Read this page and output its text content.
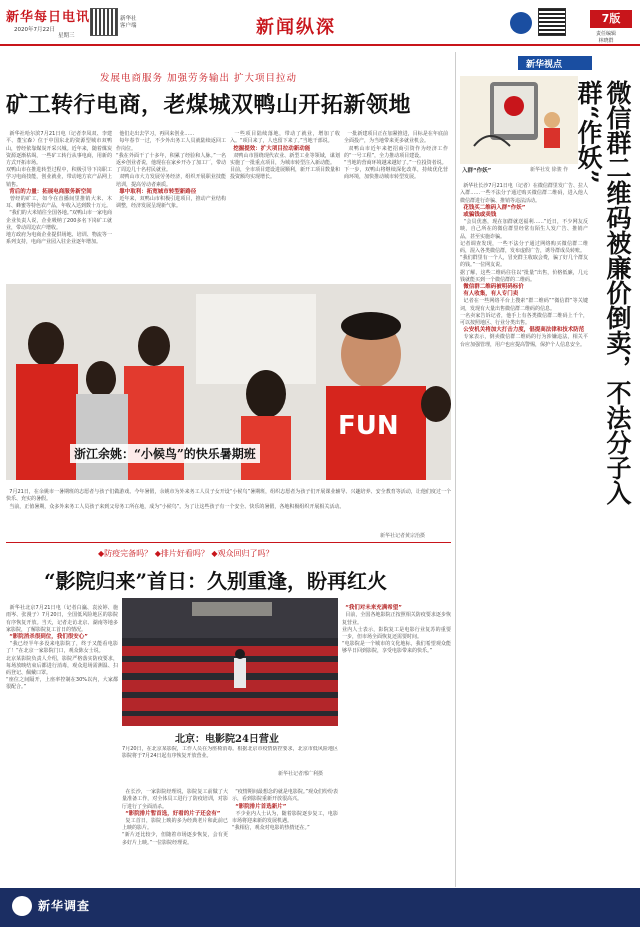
新华每日电讯
2020年7月22日
星期三
新华社
客户端	新闻纵深	7版
责任编辑
林晓群
发展电商服务 加强劳务输出 扩大项目拉动
矿工转行电商，老煤城双鸭山开拓新领地

新华社哈尔滨7月21日电（记者李凤双、李建平、董宝森）位于中国东北的资源型城市双鸭山，曾经依靠煤炭开采兴城。近年来，随着煤炭资源逐渐枯竭，一些矿工转行从事电商，用新的方式开拓市场。
双鸭山市在推进转型过程中，积极引导下岗职工学习电商技能，创业就业，带动地方农产品网上销售。
背后的力量：拓展电商服务新空间
曾经的矿工，如今在直播间里推销大米、木耳、蜂蜜等特色农产品，年收入达到数十万元。
“我们的大米销往全国各地。”双鸭山市一家电商企业负责人说，企业吸纳了200多名下岗矿工就业，带动周边农户增收。
地方政府为电商企业提供场地、培训、物流等一系列支持，电商产业园入驻企业逐年增加。

他们走出去学习，再回来创业……
每年春节一过，不少外出务工人员就陆续返回工作岗位。
“我在外面干了十多年，积累了经验和人脉。”一名返乡创业者说，他现在在家乡开办了加工厂，带动了周边几十名村民就业。
双鸭山市大力发展劳务经济，组织开展职业技能培训，提高劳动者素质。
靠中取利：拓宽城市转型新路径
近年来，双鸭山市积极引进项目，推动产业结构调整，经济发展呈现新气象。

一些项目陆续落地，带动了就业，增加了收入。“项目来了，人也留下来了。”当地干部说。
挖掘提效：扩大项目拉动新动能
双鸭山市围绕现代农业、新型工业等领域，谋划实施了一批重点项目，为城市转型注入新动能。
目前，全市项目建设进展顺利，新开工项目数量和投资额均实现增长。

一批新建项目正在加紧推进，目标是在年底前全面投产，为当地带来更多就业机会。
双鸭山市近年来把招商引资作为经济工作的“一号工程”，全力推动项目建设。
“当地的营商环境越来越好了。”一位投资者说。
下一步，双鸭山将继续深化改革，持续优化营商环境，加快推动城市转型发展。

FUN
浙江余姚：“小候鸟”的快乐暑期班

7月21日，在余姚市一暑期班的志愿者与孩子们做游戏。今年暑假，余姚市为外来务工人员子女开设“小候鸟”暑期班，组织志愿者为孩子们开展课业辅导、兴趣培养、安全教育等活动，让他们度过一个快乐、充实的暑假。
当前，正值暑期，众多外来务工人员孩子来到父母务工所在地，成为“小候鸟”。为了让这些孩子有一个安全、快乐的暑假，各地积极组织开展相关活动。

新华社记者黄宗治摄
◆防疫完备吗？ ◆排片好看吗？ ◆观众回归了吗？
“影院归来”首日：久别重逢，盼再红火

新华社北京7月21日电（记者白瀛、袁汝婷、施雨岑、张漫子）7月20日，全国低风险地区的影院有序恢复开放。当天，记者走访北京、湖南等地多家影院，了解影院复工首日的情况。
“影院消杀很到位，我们很安心”
“我已经半年多没来电影院了，终于又能看电影了！”在北京一家影院门口，观众陈女士说。
北京某影院负责人介绍，影院严格落实防疫要求，每场放映结束后都进行消毒，观众进场需测温、扫码登记、佩戴口罩。
“座位之间隔开，上座率控制在30%以内，大家都很配合。”

北京：电影院24日营业
7月20日，在北京某影院，工作人员在为座椅消毒。根据北京市疫情防控要求，北京市低风险地区影院将于7月24日起有序恢复开放营业。
新华社记者邢广利摄

在长沙，一家影院经理说，影院复工前做了大量准备工作，对全体员工进行了防疫培训，对影厅进行了全面消杀。
“影院排片暂首选，好看的片子还会有”
复工首日，影院上映的多为经典老片和此前已上映的影片。
“新片还比较少，但随着市场逐步恢复，会有更多好片上映。”一位影院经理说。

“疫情期间最想念的就是电影院。”观众们纷纷表示，看到影院重新开放很高兴。
“影院排片首选新片”
不少业内人士认为，随着影院逐步复工，电影市场将迎来新的发展机遇。
“我相信，观众对电影的热情还在。”

“我们对未来充满希望”
目前，全国各地影院正按照相关防疫要求逐步恢复营业。
业内人士表示，影院复工是电影行业复苏的重要一步，但市场全面恢复还需要时间。
“电影院是一个城市的文化地标，我们希望观众能够早日回到影院，享受电影带来的快乐。”

新华视点
入群“作妖”	新华社发 徐骏 作	微信群二维码被廉价倒卖，不法分子入群“作妖”

新华社长沙7月21日电（记者）在微信群里发广告、拉人入群……一些不法分子通过购买微信群二维码，进入他人微信群进行诈骗、推销等违法活动。
花钱买二维码入群“作妖”
或骗钱或卖钱
“会员优惠，现在加群就送福利……”近日，不少网友反映，自己所在的微信群里经常有陌生人发广告、推销产品，甚至实施诈骗。
记者调查发现，一些不法分子通过网络购买微信群二维码，混入各类微信群，发布虚假广告，诱导群成员转账。
“我们群里有一个人，冒充群主收取会费，骗了好几个群友的钱。”一位网友说。
据了解，这些二维码往往以“批量”出售，价格低廉，几元钱就能买到一个微信群的二维码。
微信群二维码被明码标价
有人收集，有人专门卖
记者在一些网络平台上搜索“群二维码”“微信群”等关键词，发现有大量出售微信群二维码的信息。
一名卖家告诉记者，他手上有各类微信群二维码上千个，可以按照地区、行业分类出售。
公安机关将加大打击力度，倡提高法律和技术防范
专家表示，倒卖微信群二维码的行为涉嫌违法，相关平台应加强管理，用户也应提高警惕，保护个人信息安全。

新华调查
